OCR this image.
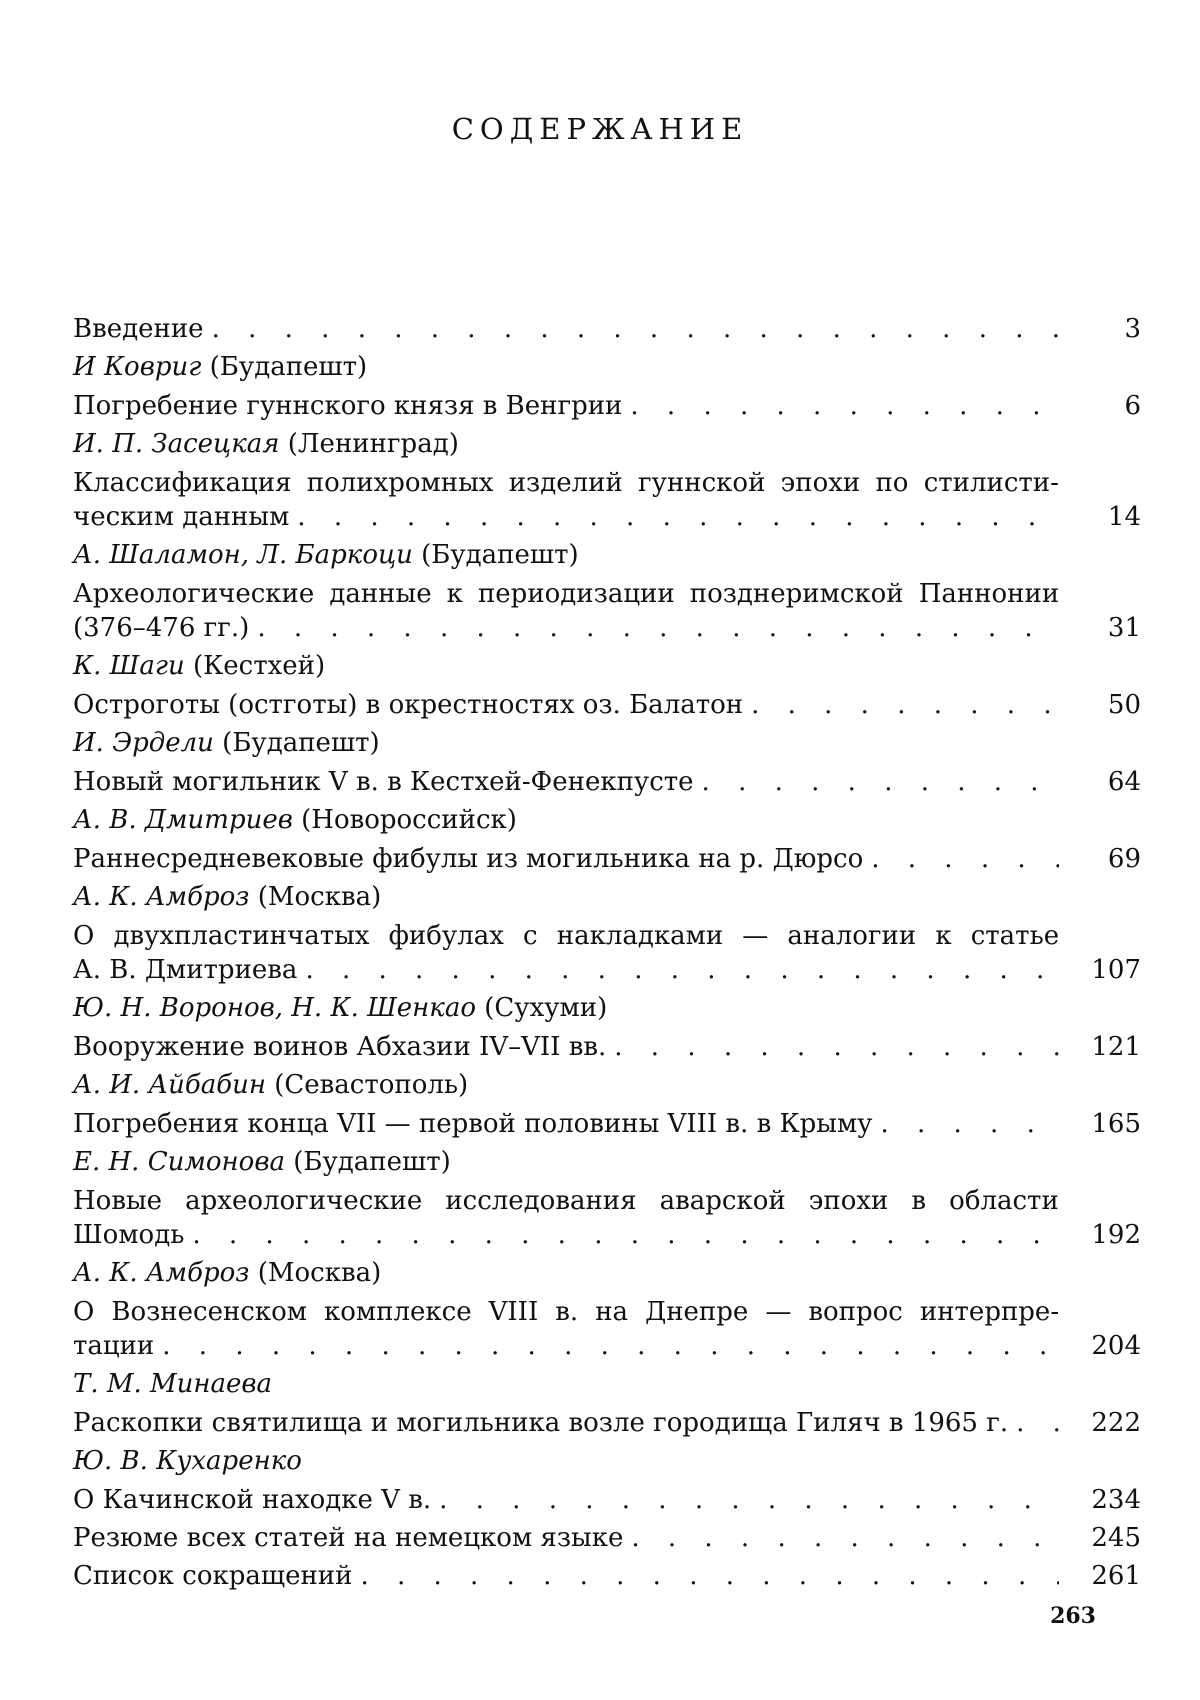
СОДЕРЖАНИЕ
Введение . . .	3
И Ковриг (Будапешт)
Погребение гуннского князя в Венгрии . . .	6
И. П. Засецкая (Ленинград)
Классификация полихромных изделий гуннской эпохи по стилисти-
ческим данным . . .	14
А. Шаламон, Л. Баркоци (Будапешт)
Археологические данные к периодизации позднеримской Паннонии
(376–476 гг.) . . .	31
К. Шаги (Кестхей)
Остроготы (остготы) в окрестностях оз. Балатон . . .	50
И. Эрдели (Будапешт)
Новый могильник V в. в Кестхей-Фенекпусте . . .	64
А. В. Дмитриев (Новороссийск)
Раннесредневековые фибулы из могильника на р. Дюрсо . . .	69
А. К. Амброз (Москва)
О двухпластинчатых фибулах с накладками — аналогии к статье
А. В. Дмитриева . . .	107
Ю. Н. Воронов, Н. К. Шенкао (Сухуми)
Вооружение воинов Абхазии IV–VII вв. . . .	121
А. И. Айбабин (Севастополь)
Погребения конца VII — первой половины VIII в. в Крыму . . .	165
Е. Н. Симонова (Будапешт)
Новые археологические исследования аварской эпохи в области
Шомодь . . .	192
А. К. Амброз (Москва)
О Вознесенском комплексе VIII в. на Днепре — вопрос интерпре-
тации . . .	204
Т. М. Минаева
Раскопки святилища и могильника возле городища Гиляч в 1965 г. . . .	222
Ю. В. Кухаренко
О Качинской находке V в. . . .	234
Резюме всех статей на немецком языке . . .	245
Список сокращений . . .	261
263
